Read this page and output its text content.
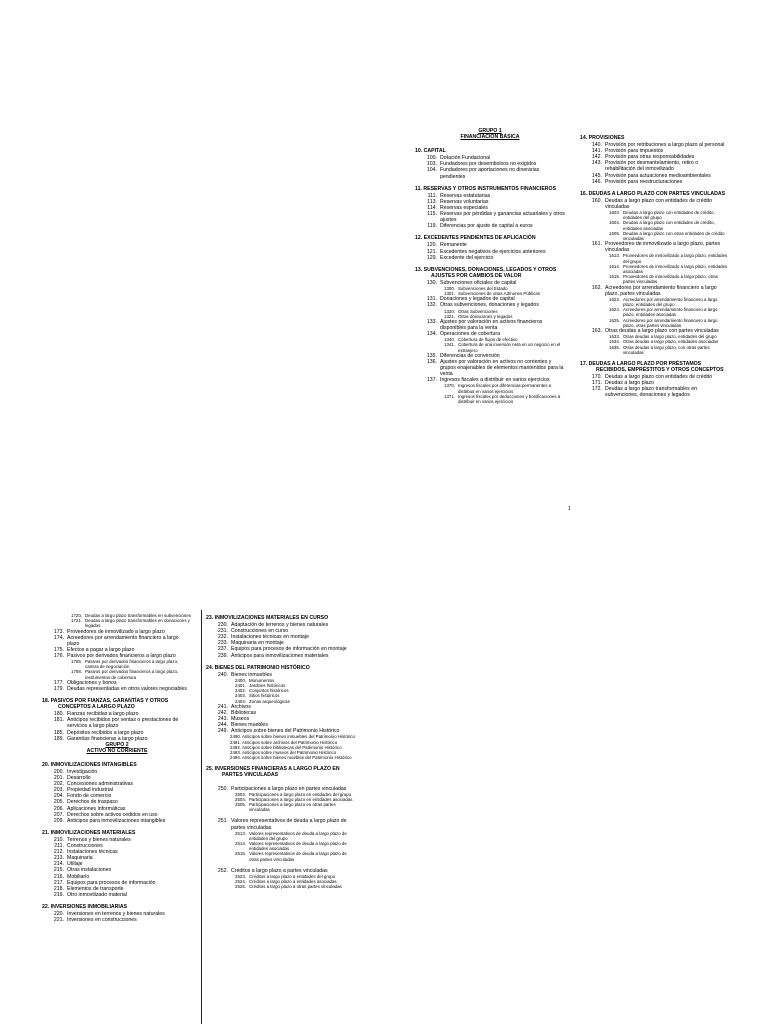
GRUPO 1
FINANCIACIÓN BÁSICA
10. CAPITAL
100. Dotación Fundacional
103. Fundadores por desembolsos no exigidos
104. Fundadores por aportaciones no dinerarias pendientes
11. RESERVAS Y OTROS INSTRUMENTOS FINANCIEROS
111. Reservas estatutarias
113. Reservas voluntarias
114. Reservas especiales
115. Reservas por pérdidas y ganancias actuariales y otros ajustes
119. Diferencias por ajuste de capital a euros
12. EXCEDENTES PENDIENTES DE APLICACIÓN
120. Remanente
121. Excedentes negativos de ejercicios anteriores
129. Excedente del ejercicio
13. SUBVENCIONES, DONACIONES, LEGADOS Y OTROS AJUSTES POR CAMBIOS DE VALOR
130. Subvenciones oficiales de capital
1300. Subvenciones del Estado
1301. Subvenciones de otras Admones Públicas
131. Donaciones y legados de capital
132. Otras subvenciones, donaciones y legados
1320. Otras Subvenciones
1321. Otras donaciones y legados
133. Ajustes por valoración en activos financieros disponibles para la venta
134. Operaciones de cobertura
1340. Cobertura de flujos de efectivo
1341. Cobertura de una inversión neta en un negocio en el extranjero
135. Diferencias de conversión
136. Ajustes por valoración en activos no corrientes y grupos enajenables de elementos mantenidos para la venta
137. Ingresos fiscales a distribuir en varios ejercicios
1370. Ingresos fiscales por diferencias permanentes a distribuir en varios ejercicios
1371. Ingresos fiscales por deducciones y bonificaciones a distribuir en varios ejercicios
14. PROVISIONES
140. Provisión por retribuciones a largo plazo al personal
141. Provisión para impuestos
142. Provisión para otras responsabilidades
143. Provisión por desmantelamiento, retiro o rehabilitación del inmovilizado
145. Provisión para actuaciones medioambientales
146. Provisión para reestructuraciones
16. DEUDAS A LARGO PLAZO CON PARTES VINCULADAS
160. Deudas a largo plazo con entidades de crédito vinculadas
1603. Deudas a largo plazo con entidades de crédito, entidades del grupo
1604. Deudas a largo plazo con entidades de crédito, entidades asociadas
1605. Deudas a largo plazo con otras entidades de crédito vinculadas
161. Proveedores de inmovilizado a largo plazo, partes vinculadas
1613. Proveedores de inmovilizado a largo plazo, entidades del grupo
1614. Proveedores de inmovilizado a largo plazo, entidades asociadas
1615. Proveedores de inmovilizado a largo plazo, otras partes vinculadas
162. Acreedores por arrendamiento financiero a largo plazo, partes vinculadas
1623. Acreedores por arrendamiento financiero a largo plazo, entidades del grupo
1624. Acreedores por arrendamiento financiero a largo plazo, entidades asociadas
1625. Acreedores por arrendamiento financiero a largo plazo, otras partes vinculadas
163. Otras deudas a largo plazo con partes vinculadas
1633. Otras deudas a largo plazo, entidades del grupo
1634. Otras deudas a largo plazo, entidades asociadas
1635. Otras deudas a largo plazo, con otras partes vinculadas
17. DEUDAS A LARGO PLAZO POR PRÉSTAMOS RECIBIDOS, EMPRÉSTITOS Y OTROS CONCEPTOS
170. Deudas a largo plazo con entidades de crédito
171. Deudas a largo plazo
172. Deudas a largo plazo transformables en subvenciones, donaciones y legados
1
1720. Deudas a largo plazo transformables en subvenciones
1721. Deudas a largo plazo transformables en donaciones y legados
173. Proveedores de inmovilizado a largo plazo
174. Acreedores por arrendamiento financiero a largo plazo
175. Efectos a pagar a largo plazo
176. Pasivos por derivados financieros a largo plazo
1765. Pasivos por derivados financieros a largo plazo, cartera de negociación
1768. Pasivos por derivados financieros a largo plazo, instrumentos de cobertura
177. Obligaciones y bonos
179. Deudas representadas en otros valores negociables
18. PASIVOS POR FIANZAS, GARANTÍAS Y OTROS CONCEPTOS A LARGO PLAZO
180. Fianzas recibidas a largo plazo
181. Anticipos recibidos por ventas o prestaciones de servicios a largo plazo
185. Depósitos recibidos a largo plazo
189. Garantías financieras a largo plazo
GRUPO 2
ACTIVO NO CORRIENTE
20. INMOVILIZACIONES INTANGIBLES
200. Investigación
201. Desarrollo
202. Concesiones administrativas
203. Propiedad industrial
204. Fondo de comercio
205. Derechos de traspaso
206. Aplicaciones informáticas
207. Derechos sobre activos cedidos en uso
209. Anticipos para inmovilizaciones intangibles
21. INMOVILIZACIONES MATERIALES
210. Terrenos y bienes naturales
211. Construcciones
212. Instalaciones técnicas
213. Maquinaria
214. Utillaje
215. Otras instalaciones
216. Mobiliario
217. Equipos para procesos de información
218. Elementos de transporte
219. Otro inmovilizado material
22. INVERSIONES INMOBILIARIAS
220. Inversiones en terrenos y bienes naturales
221. Inversiones en construcciones
23. INMOVILIZACIONES MATERIALES EN CURSO
230. Adaptación de terrenos y bienes naturales
231. Construcciones en curso
232. Instalaciones técnicas en montaje
233. Maquinaria en montaje
237. Equipos para procesos de información en montaje
239. Anticipos para inmovilizaciones materiales
24. BIENES DEL PATRIMONIO HISTÓRICO
240. Bienes inmuebles
2400. Monumentos
2401. Jardines históricos
2402. Conjuntos históricos
2403. Sitios históricos
2404. Zonas arqueológicas
241. Archivos
242. Bibliotecas
243. Museos
244. Bienes muebles
249. Anticipos sobre bienes del Patrimonio Histórico
2490. Anticipos sobre bienes inmuebles del Patrimonio Histórico
2491. Anticipos sobre archivos del Patrimonio Histórico
2492. Anticipos sobre bibliotecas del Patrimonio Histórico
2493. Anticipos sobre museos del Patrimonio Histórico
2494. Anticipos sobre bienes muebles del Patrimonio Histórico
25. INVERSIONES FINANCIERAS A LARGO PLAZO EN PARTES VINCULADAS
250. Participaciones a largo plazo en partes vinculadas
2503. Participaciones a largo plazo en entidades del grupo
2504. Participaciones a largo plazo en entidades asociadas
2505. Participaciones a largo plazo en otras partes vinculadas
251. Valores representativos de deuda a largo plazo de partes vinculadas
2513. Valores representativos de deuda a largo plazo de entidades del grupo
2514. Valores representativos de deuda a largo plazo de entidades asociadas
2515. Valores representativos de deuda a largo plazo de otras partes vinculadas
252. Créditos a largo plazo a partes vinculadas
2523. Créditos a largo plazo a entidades del grupo
2524. Créditos a largo plazo a entidades asociadas
2525. Créditos a largo plazo a otras partes vinculadas
